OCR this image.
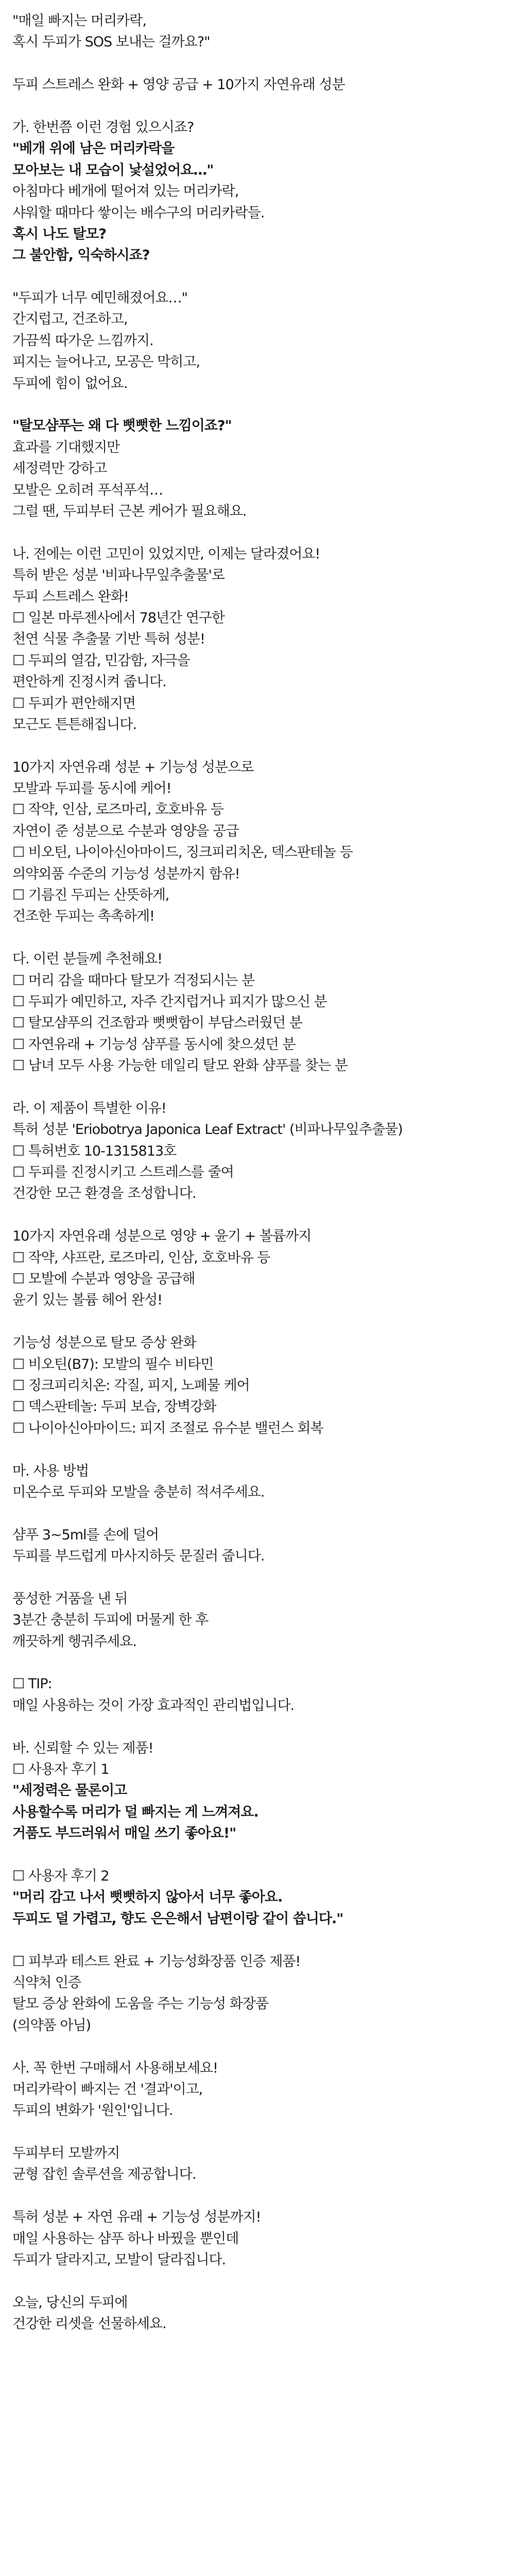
"매일 빠지는 머리카락,
혹시 두피가 SOS 보내는 걸까요?"
두피 스트레스 완화 + 영양 공급 + 10가지 자연유래 성분
가. 한번쯤 이런 경험 있으시죠?
"베개 위에 남은 머리카락을
모아보는 내 모습이 낯설었어요…"
아침마다 베개에 떨어져 있는 머리카락,
샤워할 때마다 쌓이는 배수구의 머리카락들.
혹시 나도 탈모?
그 불안함, 익숙하시죠?
"두피가 너무 예민해졌어요…"
간지럽고, 건조하고,
가끔씩 따가운 느낌까지.
피지는 늘어나고, 모공은 막히고,
두피에 힘이 없어요.
"탈모샴푸는 왜 다 뻣뻣한 느낌이죠?"
효과를 기대했지만
세정력만 강하고
모발은 오히려 푸석푸석…
그럴 땐, 두피부터 근본 케어가 필요해요.
나. 전에는 이런 고민이 있었지만, 이제는 달라졌어요!
특허 받은 성분 '비파나무잎추출물'로
두피 스트레스 완화!
☐ 일본 마루젠사에서 78년간 연구한
천연 식물 추출물 기반 특허 성분!
☐ 두피의 열감, 민감함, 자극을
편안하게 진정시켜 줍니다.
☐ 두피가 편안해지면
모근도 튼튼해집니다.
10가지 자연유래 성분 + 기능성 성분으로
모발과 두피를 동시에 케어!
☐ 작약, 인삼, 로즈마리, 호호바유 등
자연이 준 성분으로 수분과 영양을 공급
☐ 비오틴, 나이아신아마이드, 징크피리치온, 덱스판테놀 등
의약외품 수준의 기능성 성분까지 함유!
☐ 기름진 두피는 산뜻하게,
건조한 두피는 촉촉하게!
다. 이런 분들께 추천해요!
☐ 머리 감을 때마다 탈모가 걱정되시는 분
☐ 두피가 예민하고, 자주 간지럽거나 피지가 많으신 분
☐ 탈모샴푸의 건조함과 뻣뻣함이 부담스러웠던 분
☐ 자연유래 + 기능성 샴푸를 동시에 찾으셨던 분
☐ 남녀 모두 사용 가능한 데일리 탈모 완화 샴푸를 찾는 분
라. 이 제품이 특별한 이유!
특허 성분 'Eriobotrya Japonica Leaf Extract' (비파나무잎추출물)
☐ 특허번호 10-1315813호
☐ 두피를 진정시키고 스트레스를 줄여
건강한 모근 환경을 조성합니다.
10가지 자연유래 성분으로 영양 + 윤기 + 볼륨까지
☐ 작약, 샤프란, 로즈마리, 인삼, 호호바유 등
☐ 모발에 수분과 영양을 공급해
윤기 있는 볼륨 헤어 완성!
기능성 성분으로 탈모 증상 완화
☐ 비오틴(B7): 모발의 필수 비타민
☐ 징크피리치온: 각질, 피지, 노폐물 케어
☐ 덱스판테놀: 두피 보습, 장벽강화
☐ 나이아신아마이드: 피지 조절로 유수분 밸런스 회복
마. 사용 방법
미온수로 두피와 모발을 충분히 적셔주세요.
샴푸 3~5ml를 손에 덜어
두피를 부드럽게 마사지하듯 문질러 줍니다.
풍성한 거품을 낸 뒤
3분간 충분히 두피에 머물게 한 후
깨끗하게 헹궈주세요.
☐ TIP:
매일 사용하는 것이 가장 효과적인 관리법입니다.
바. 신뢰할 수 있는 제품!
☐ 사용자 후기 1
"세정력은 물론이고
사용할수록 머리가 덜 빠지는 게 느껴져요.
거품도 부드러워서 매일 쓰기 좋아요!"
☐ 사용자 후기 2
"머리 감고 나서 뻣뻣하지 않아서 너무 좋아요.
두피도 덜 가렵고, 향도 은은해서 남편이랑 같이 씁니다."
☐ 피부과 테스트 완료 + 기능성화장품 인증 제품!
식약처 인증
탈모 증상 완화에 도움을 주는 기능성 화장품
(의약품 아님)
사. 꼭 한번 구매해서 사용해보세요!
머리카락이 빠지는 건 '결과'이고,
두피의 변화가 '원인'입니다.
두피부터 모발까지
균형 잡힌 솔루션을 제공합니다.
특허 성분 + 자연 유래 + 기능성 성분까지!
매일 사용하는 샴푸 하나 바꿨을 뿐인데
두피가 달라지고, 모발이 달라집니다.
오늘, 당신의 두피에
건강한 리셋을 선물하세요.
